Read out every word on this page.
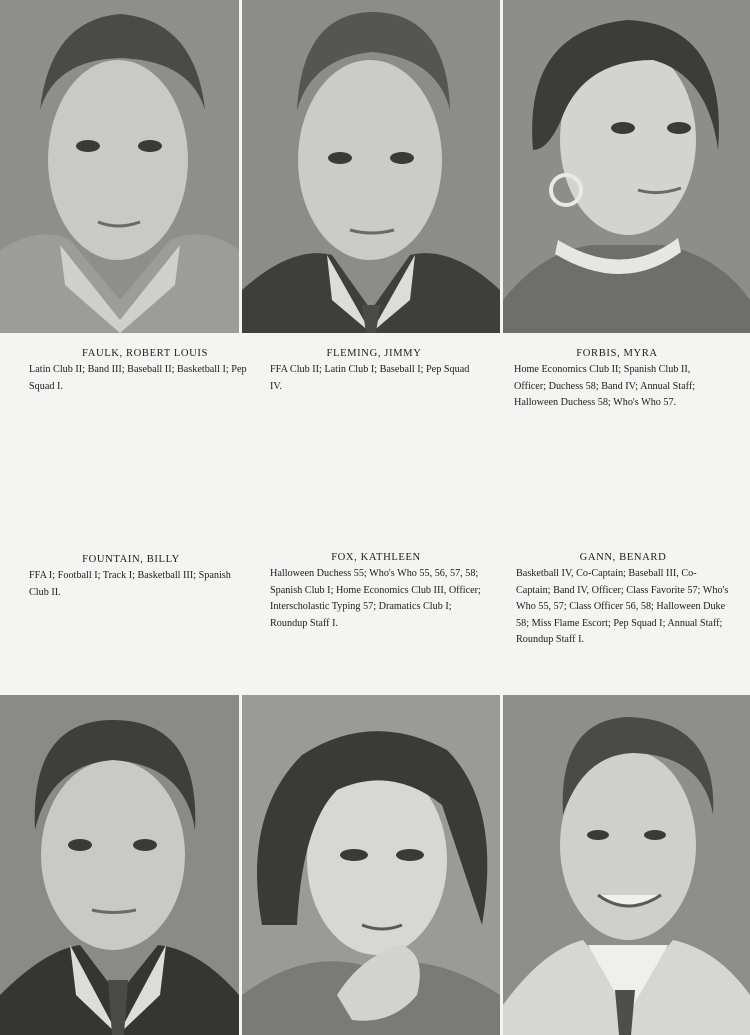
FAULK, ROBERT LOUIS
Latin Club II; Band III; Baseball II; Basketball I; Pep Squad I.
FLEMING, JIMMY
FFA Club II; Latin Club I; Baseball I; Pep Squad IV.
FORBIS, MYRA
Home Economics Club II; Spanish Club II, Officer; Duchess 58; Band IV; Annual Staff; Halloween Duchess 58; Who's Who 57.
FOUNTAIN, BILLY
FFA I; Football I; Track I; Basketball III; Spanish Club II.
FOX, KATHLEEN
Halloween Duchess 55; Who's Who 55, 56, 57, 58; Spanish Club I; Home Economics Club III, Officer; Interscholastic Typing 57; Dramatics Club I; Roundup Staff I.
GANN, BENARD
Basketball IV, Co-Captain; Baseball III, Co-Captain; Band IV, Officer; Class Favorite 57; Who's Who 55, 57; Class Officer 56, 58; Halloween Duke 58; Miss Flame Escort; Pep Squad I; Annual Staff; Roundup Staff I.
